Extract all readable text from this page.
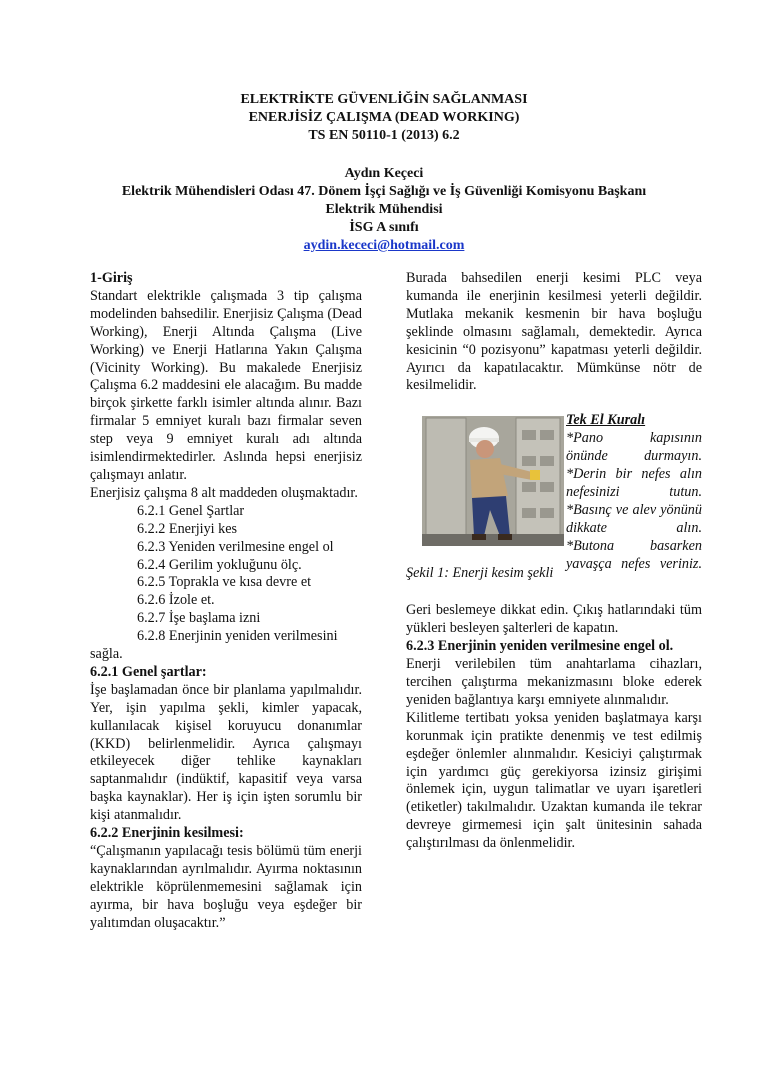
ELEKTRİKTE GÜVENLİĞİN SAĞLANMASI
ENERJİSİZ ÇALIŞMA (DEAD WORKING)
TS EN 50110-1 (2013) 6.2
Aydın Keçeci
Elektrik Mühendisleri Odası 47. Dönem İşçi Sağlığı ve İş Güvenliği Komisyonu Başkanı
Elektrik Mühendisi
İSG A sınıfı
aydin.kececi@hotmail.com

1-Giriş

Standart elektrikle çalışmada 3 tip çalışma modelinden bahsedilir. Enerjisiz Çalışma (Dead Working), Enerji Altında Çalışma (Live Working) ve Enerji Hatlarına Yakın Çalışma (Vicinity Working). Bu makalede Enerjisiz Çalışma 6.2 maddesini ele alacağım. Bu madde birçok şirkette farklı isimler altında alınır. Bazı firmalar 5 emniyet kuralı bazı firmalar seven step veya 9 emniyet kuralı adı altında isimlendirmektedirler. Aslında hepsi enerjisiz çalışmayı anlatır.

Enerjisiz çalışma 8 alt maddeden oluşmaktadır.

6.2.1 Genel Şartlar

6.2.2 Enerjiyi kes

6.2.3 Yeniden verilmesine engel ol

6.2.4 Gerilim yokluğunu ölç.

6.2.5 Toprakla ve kısa devre et

6.2.6 İzole et.

6.2.7 İşe başlama izni

6.2.8 Enerjinin yeniden verilmesini

sağla.

6.2.1 Genel şartlar:

İşe başlamadan önce bir planlama yapılmalıdır. Yer, işin yapılma şekli, kimler yapacak, kullanılacak kişisel koruyucu donanımlar (KKD) belirlenmelidir. Ayrıca çalışmayı etkileyecek diğer tehlike kaynakları saptanmalıdır (indüktif, kapasitif veya varsa başka kaynaklar). Her iş için işten sorumlu bir kişi atanmalıdır.

6.2.2 Enerjinin kesilmesi:

“Çalışmanın yapılacağı tesis bölümü tüm enerji kaynaklarından ayrılmalıdır. Ayırma noktasının elektrikle köprülenmemesini sağlamak için ayırma, bir hava boşluğu veya eşdeğer bir yalıtımdan oluşacaktır.”

Burada bahsedilen enerji kesimi PLC veya kumanda ile enerjinin kesilmesi yeterli değildir. Mutlaka mekanik kesmenin bir hava boşluğu şeklinde olmasını sağlamalı, demektedir. Ayrıca kesicinin “0 pozisyonu” kapatması yeterli değildir. Ayırıcı da kapatılacaktır. Mümkünse nötr de kesilmelidir.

Tek El Kuralı

*Pano kapısının önünde durmayın.

*Derin bir nefes alın nefesinizi tutun.

*Basınç ve alev yönünü dikkate alın.

*Butona basarken yavaşça nefes veriniz.

Şekil 1: Enerji kesim şekli

Geri beslemeye dikkat edin. Çıkış hatlarındaki tüm yükleri besleyen şalterleri de kapatın.

6.2.3 Enerjinin yeniden verilmesine engel ol.

Enerji verilebilen tüm anahtarlama cihazları, tercihen çalıştırma mekanizmasını bloke ederek yeniden bağlantıya karşı emniyete alınmalıdır.

Kilitleme tertibatı yoksa yeniden başlatmaya karşı korunmak için pratikte denenmiş ve test edilmiş eşdeğer önlemler alınmalıdır. Kesiciyi çalıştırmak için yardımcı güç gerekiyorsa izinsiz girişimi önlemek için, uygun talimatlar ve uyarı işaretleri (etiketler) takılmalıdır. Uzaktan kumanda ile tekrar devreye girmemesi için şalt ünitesinin sahada çalıştırılması da önlenmelidir.
